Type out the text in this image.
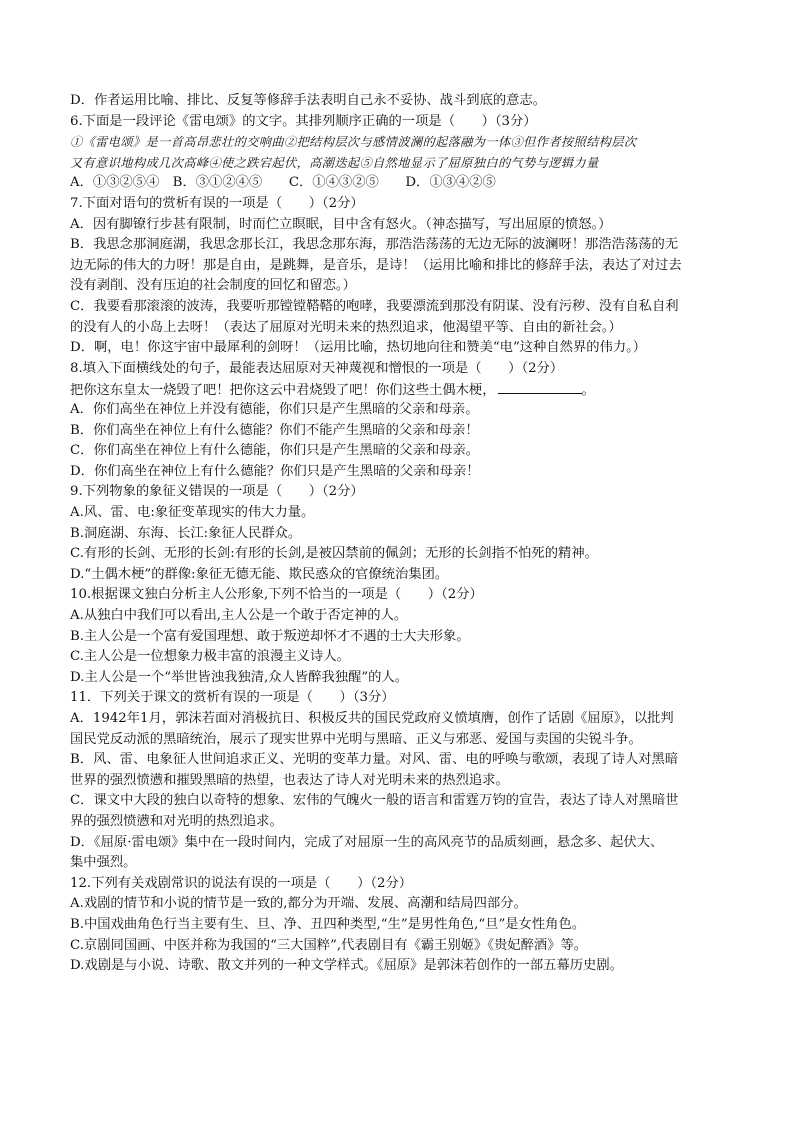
D．作者运用比喻、排比、反复等修辞手法表明自己永不妥协、战斗到底的意志。
6.下面是一段评论《雷电颂》的文字。其排列顺序正确的一项是（　　）（3分）
①《雷电颂》是一首高昂悲壮的交响曲②把结构层次与感情波澜的起落融为一体③但作者按照结构层次
又有意识地构成几次高峰④使之跌宕起伏，高潮迭起⑤自然地显示了屈原独白的气势与逻辑力量
A．①③②⑤④　B．③①②④⑤　　C．①④③②⑤　　D．①③④②⑤
7.下面对语句的赏析有误的一项是（　　）（2分）
A．因有脚镣行步甚有限制，时而伫立瞑眠，目中含有怒火。（神态描写，写出屈原的愤怒。）
B．我思念那洞庭湖，我思念那长江，我思念那东海，那浩浩荡荡的无边无际的波澜呀！那浩浩荡荡的无
边无际的伟大的力呀！那是自由，是跳舞，是音乐，是诗！（运用比喻和排比的修辞手法，表达了对过去
没有剥削、没有压迫的社会制度的回忆和留恋。）
C．我要看那滚滚的波涛，我要听那镗镗鞳鞳的咆哮，我要漂流到那没有阴谋、没有污秽、没有自私自利
的没有人的小岛上去呀！（表达了屈原对光明未来的热烈追求，他渴望平等、自由的新社会。）
D．啊，电！你这宇宙中最犀利的剑呀！（运用比喻，热切地向往和赞美“电”这种自然界的伟力。）
8.填入下面横线处的句子，最能表达屈原对天神蔑视和憎恨的一项是（　　）（2分）
把你这东皇太一烧毁了吧！把你这云中君烧毁了吧！你们这些土偶木梗，	。
A．你们高坐在神位上并没有德能，你们只是产生黑暗的父亲和母亲。
B．你们高坐在神位上有什么德能？你们不能产生黑暗的父亲和母亲！
C．你们高坐在神位上有什么德能，你们只是产生黑暗的父亲和母亲。
D．你们高坐在神位上有什么德能？你们只是产生黑暗的父亲和母亲！
9.下列物象的象征义错误的一项是（　　）（2分）
A.风、雷、电:象征变革现实的伟大力量。
B.洞庭湖、东海、长江:象征人民群众。
C.有形的长剑、无形的长剑:有形的长剑,是被囚禁前的佩剑；无形的长剑指不怕死的精神。
D.“土偶木梗”的群像:象征无德无能、欺民惑众的官僚统治集团。
10.根据课文独白分析主人公形象,下列不恰当的一项是（　　）（2分）
A.从独白中我们可以看出,主人公是一个敢于否定神的人。
B.主人公是一个富有爱国理想、敢于叛逆却怀才不遇的士大夫形象。
C.主人公是一位想象力极丰富的浪漫主义诗人。
D.主人公是一个“举世皆浊我独清,众人皆醉我独醒”的人。
11．下列关于课文的赏析有误的一项是（　　）（3分）
A．1942年1月，郭沫若面对消极抗日、积极反共的国民党政府义愤填膺，创作了话剧《屈原》，以批判
国民党反动派的黑暗统治，展示了现实世界中光明与黑暗、正义与邪恶、爱国与卖国的尖锐斗争。
B．风、雷、电象征人世间追求正义、光明的变革力量。对风、雷、电的呼唤与歌颂，表现了诗人对黑暗
世界的强烈愤懑和摧毁黑暗的热望，也表达了诗人对光明未来的热烈追求。
C．课文中大段的独白以奇特的想象、宏伟的气魄火一般的语言和雷霆万钧的宣告，表达了诗人对黑暗世
界的强烈愤懑和对光明的热烈追求。
D．《屈原·雷电颂》集中在一段时间内，完成了对屈原一生的高风亮节的品质刻画，悬念多、起伏大、
集中强烈。
12.下列有关戏剧常识的说法有误的一项是（　　）（2分）
A.戏剧的情节和小说的情节是一致的,都分为开端、发展、高潮和结局四部分。
B.中国戏曲角色行当主要有生、旦、净、丑四种类型,“生”是男性角色,“旦”是女性角色。
C.京剧同国画、中医并称为我国的“三大国粹”,代表剧目有《霸王别姬》《贵妃醉酒》等。
D.戏剧是与小说、诗歌、散文并列的一种文学样式。《屈原》是郭沫若创作的一部五幕历史剧。
